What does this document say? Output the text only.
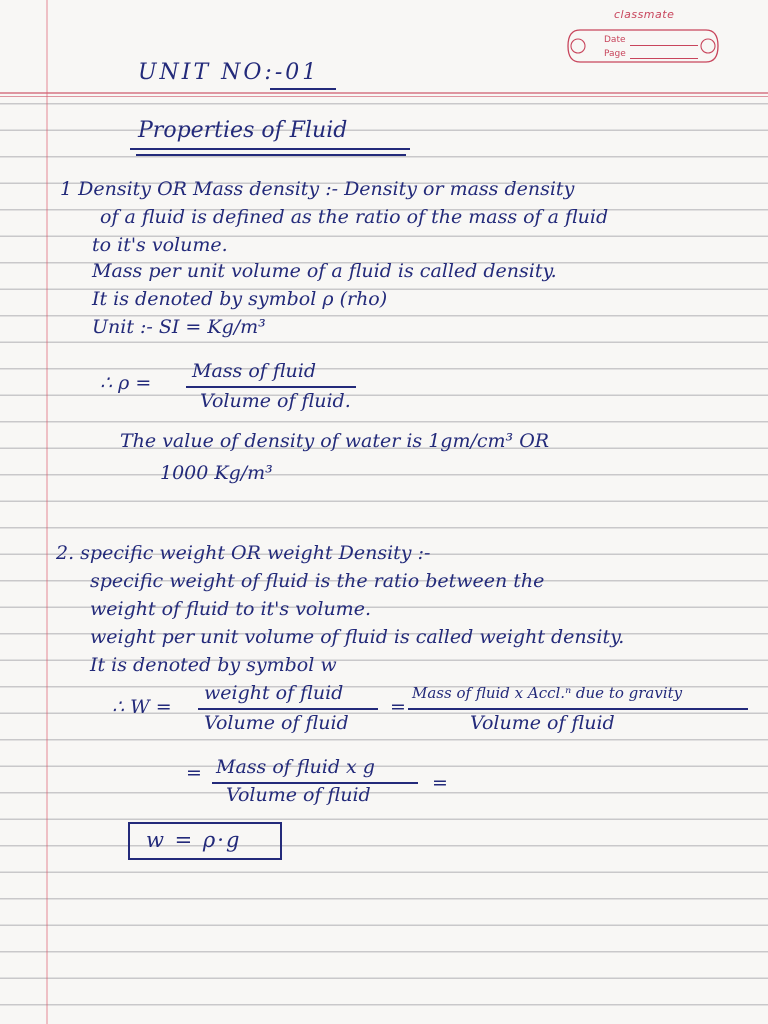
classmate
Date
Page
UNIT NO:-01
Properties of Fluid
1 Density OR Mass density :- Density or mass density
of a fluid is defined as the ratio of the mass of a fluid
to it's volume.
Mass per unit volume of a fluid is called density.
It is denoted by symbol ρ (rho)
Unit :- SI = Kg/m³
∴ ρ =
Mass of fluid
Volume of fluid.
The value of density of water is 1gm/cm³ OR
1000 Kg/m³
2. specific weight OR weight Density :-
specific weight of fluid is the ratio between the
weight of fluid to it's volume.
weight per unit volume of fluid is called weight density.
It is denoted by symbol w
∴ W =
weight of fluid
Volume of fluid
=
Mass of fluid x Accl.ⁿ due to gravity
Volume of fluid
= Mass of fluid x g
Volume of fluid
=
w = ρ·g
